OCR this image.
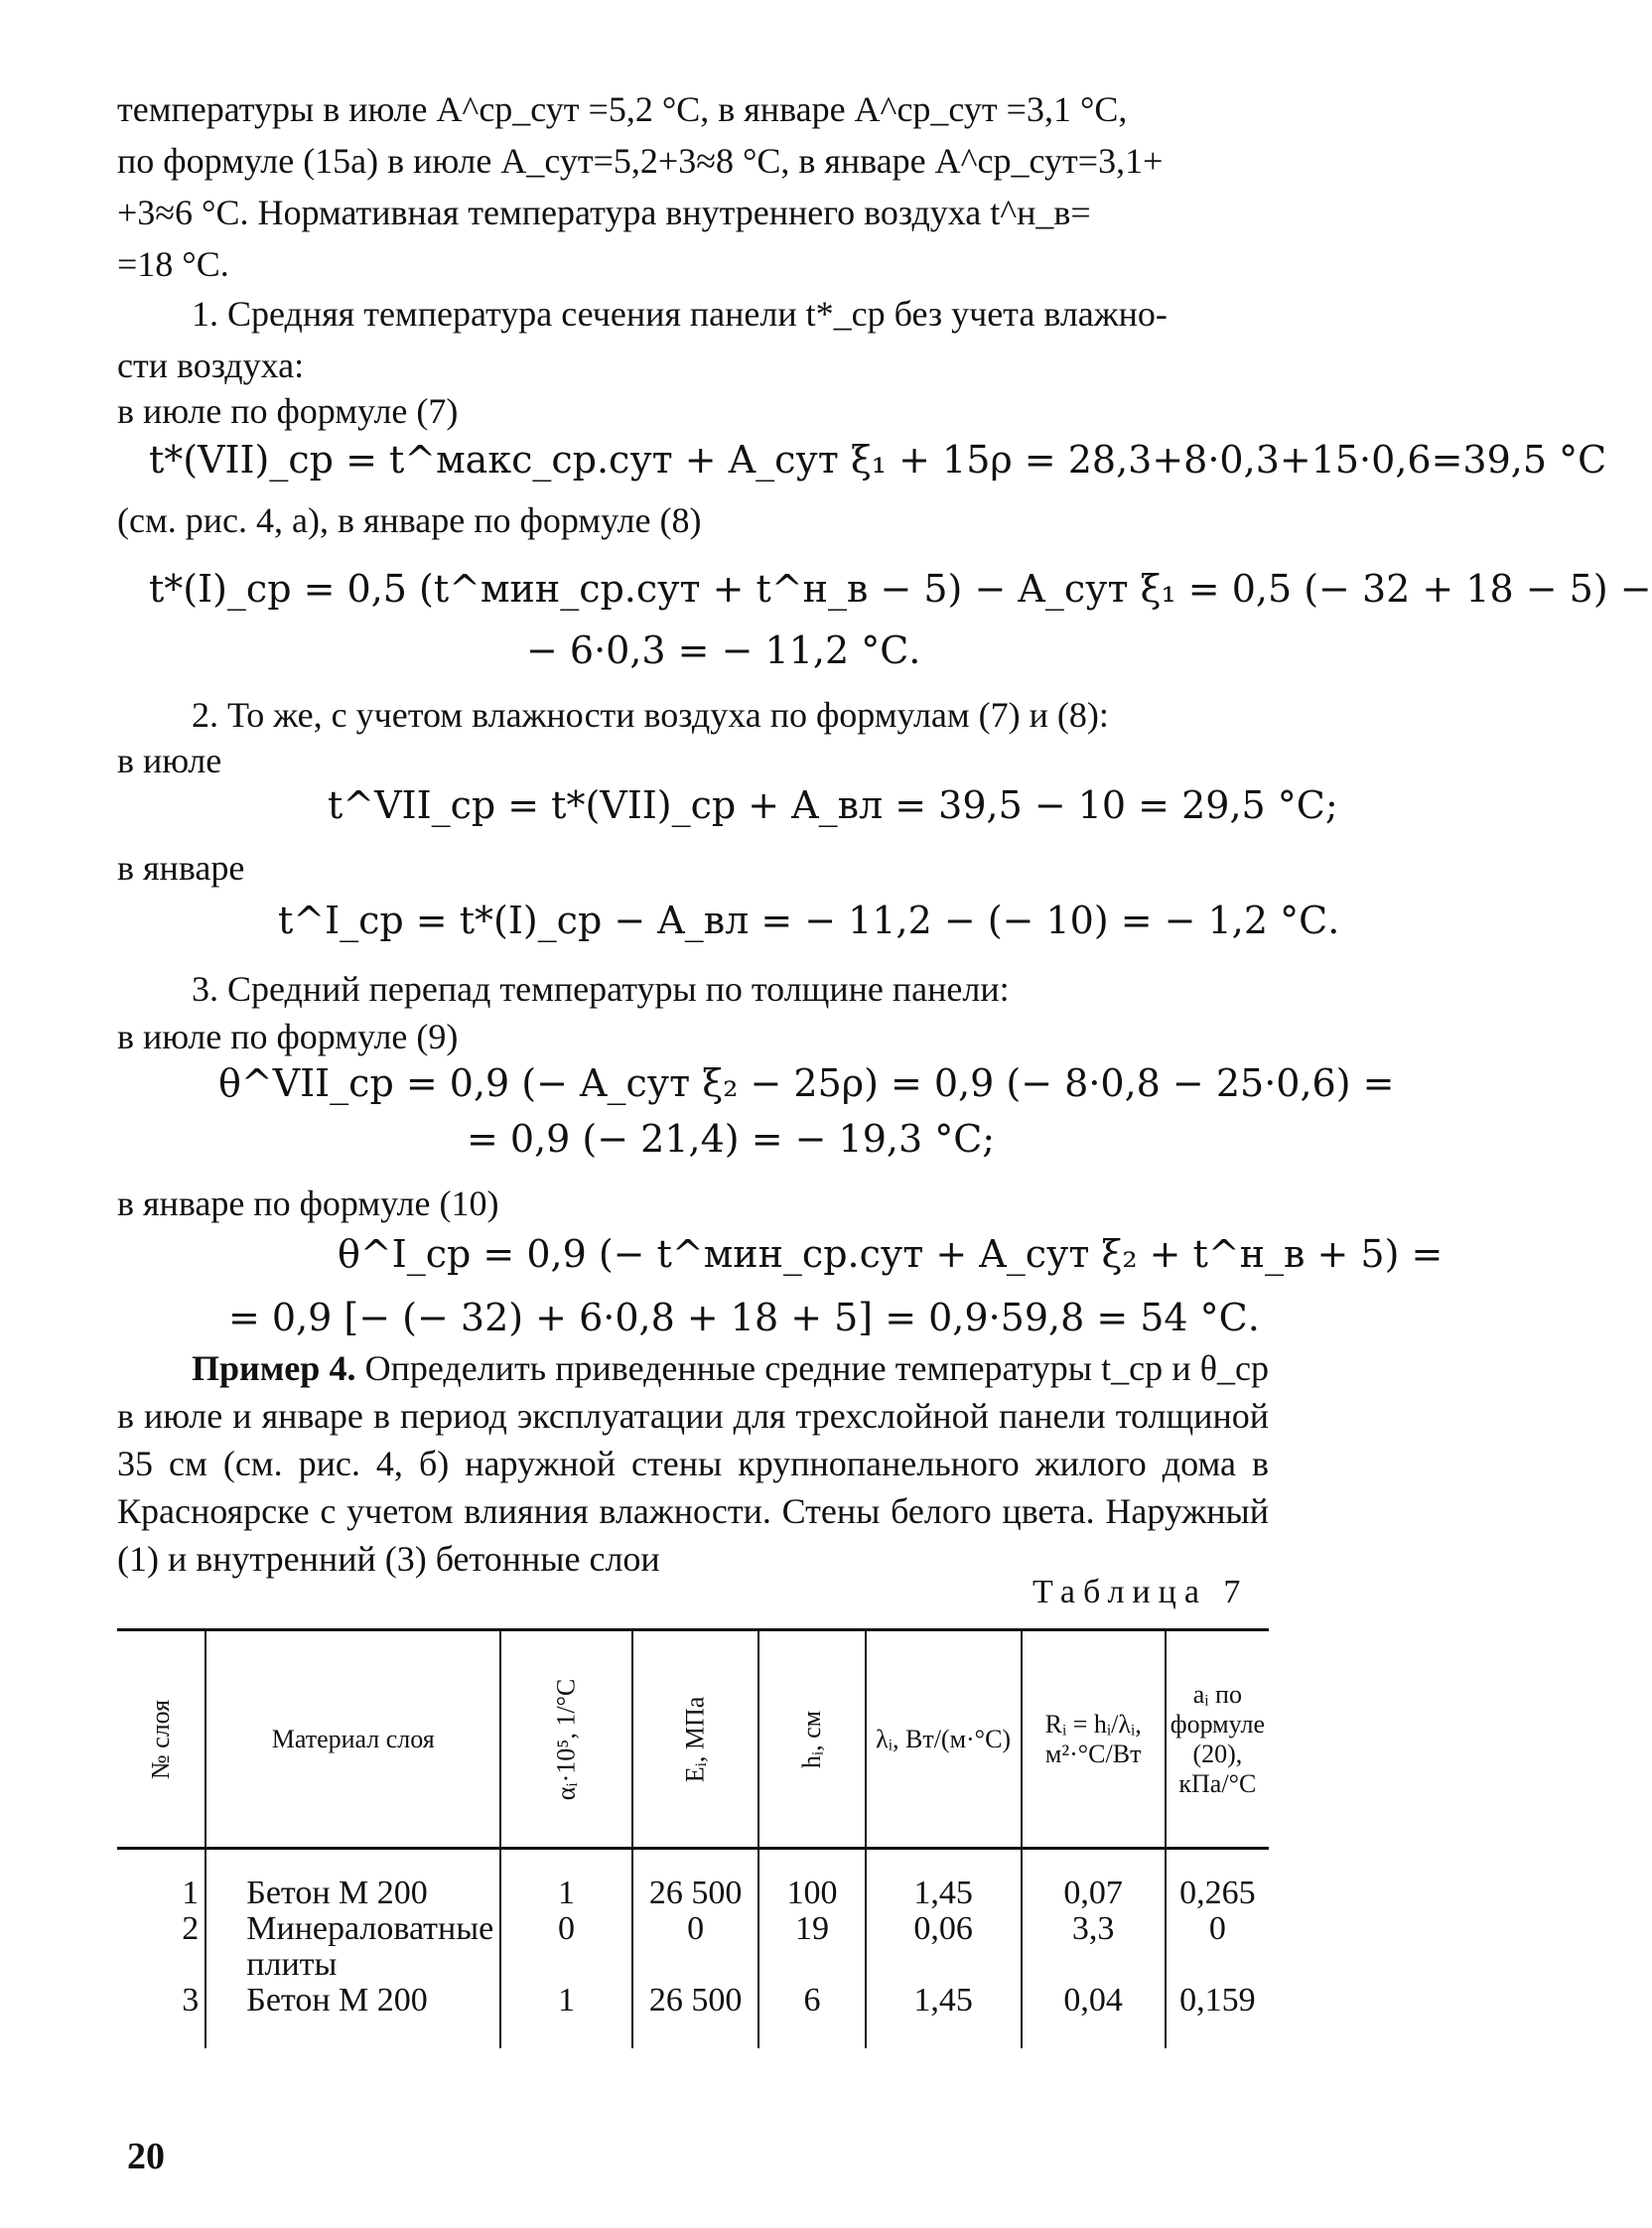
температуры в июле A^ср_сут =5,2 °С, в январе A^ср_сут =3,1 °С,
по формуле (15а) в июле A_сут=5,2+3≈8 °С, в январе A^ср_сут=3,1+
+3≈6 °С. Нормативная температура внутреннего воздуха t^н_в=
=18 °С.
1. Средняя температура сечения панели t*_ср без учета влажно-
сти воздуха:
в июле по формуле (7)
t*(VII)_ср = t^макс_ср.сут + A_сут ξ₁ + 15ρ = 28,3+8·0,3+15·0,6=39,5 °С
(см. рис. 4, а), в январе по формуле (8)
t*(I)_ср = 0,5 (t^мин_ср.сут + t^н_в − 5) − A_сут ξ₁ = 0,5 (− 32 + 18 − 5) −
− 6·0,3 = − 11,2 °С.
2. То же, с учетом влажности воздуха по формулам (7) и (8):
в июле
t^VII_ср = t*(VII)_ср + A_вл = 39,5 − 10 = 29,5 °С;
в январе
t^I_ср = t*(I)_ср − A_вл = − 11,2 − (− 10) = − 1,2 °С.
3. Средний перепад температуры по толщине панели:
в июле по формуле (9)
θ^VII_ср = 0,9 (− A_сут ξ₂ − 25ρ) = 0,9 (− 8·0,8 − 25·0,6) =
= 0,9 (− 21,4) = − 19,3 °С;
в январе по формуле (10)
θ^I_ср = 0,9 (− t^мин_ср.сут + A_сут ξ₂ + t^н_в + 5) =
= 0,9 [− (− 32) + 6·0,8 + 18 + 5] = 0,9·59,8 = 54 °С.
Пример 4. Определить приведенные средние температуры t_ср и θ_ср в июле и январе в период эксплуатации для трехслойной панели толщиной 35 см (см. рис. 4, б) наружной стены крупнопанельного жилого дома в Красноярске с учетом влияния влажности. Стены белого цвета. Наружный (1) и внутренний (3) бетонные слои
Таблица 7
№ слоя	Материал слоя	αᵢ·10⁵, 1/°С	Eᵢ, МПа	hᵢ, см	λᵢ, Вт/(м·°С)	Rᵢ = hᵢ/λᵢ, м²·°С/Вт	aᵢ по формуле (20), кПа/°С
1	Бетон М 200	1	26 500	100	1,45	0,07	0,265
2	Минераловатные плиты	0	0	19	0,06	3,3	0
3	Бетон М 200	1	26 500	6	1,45	0,04	0,159
20
